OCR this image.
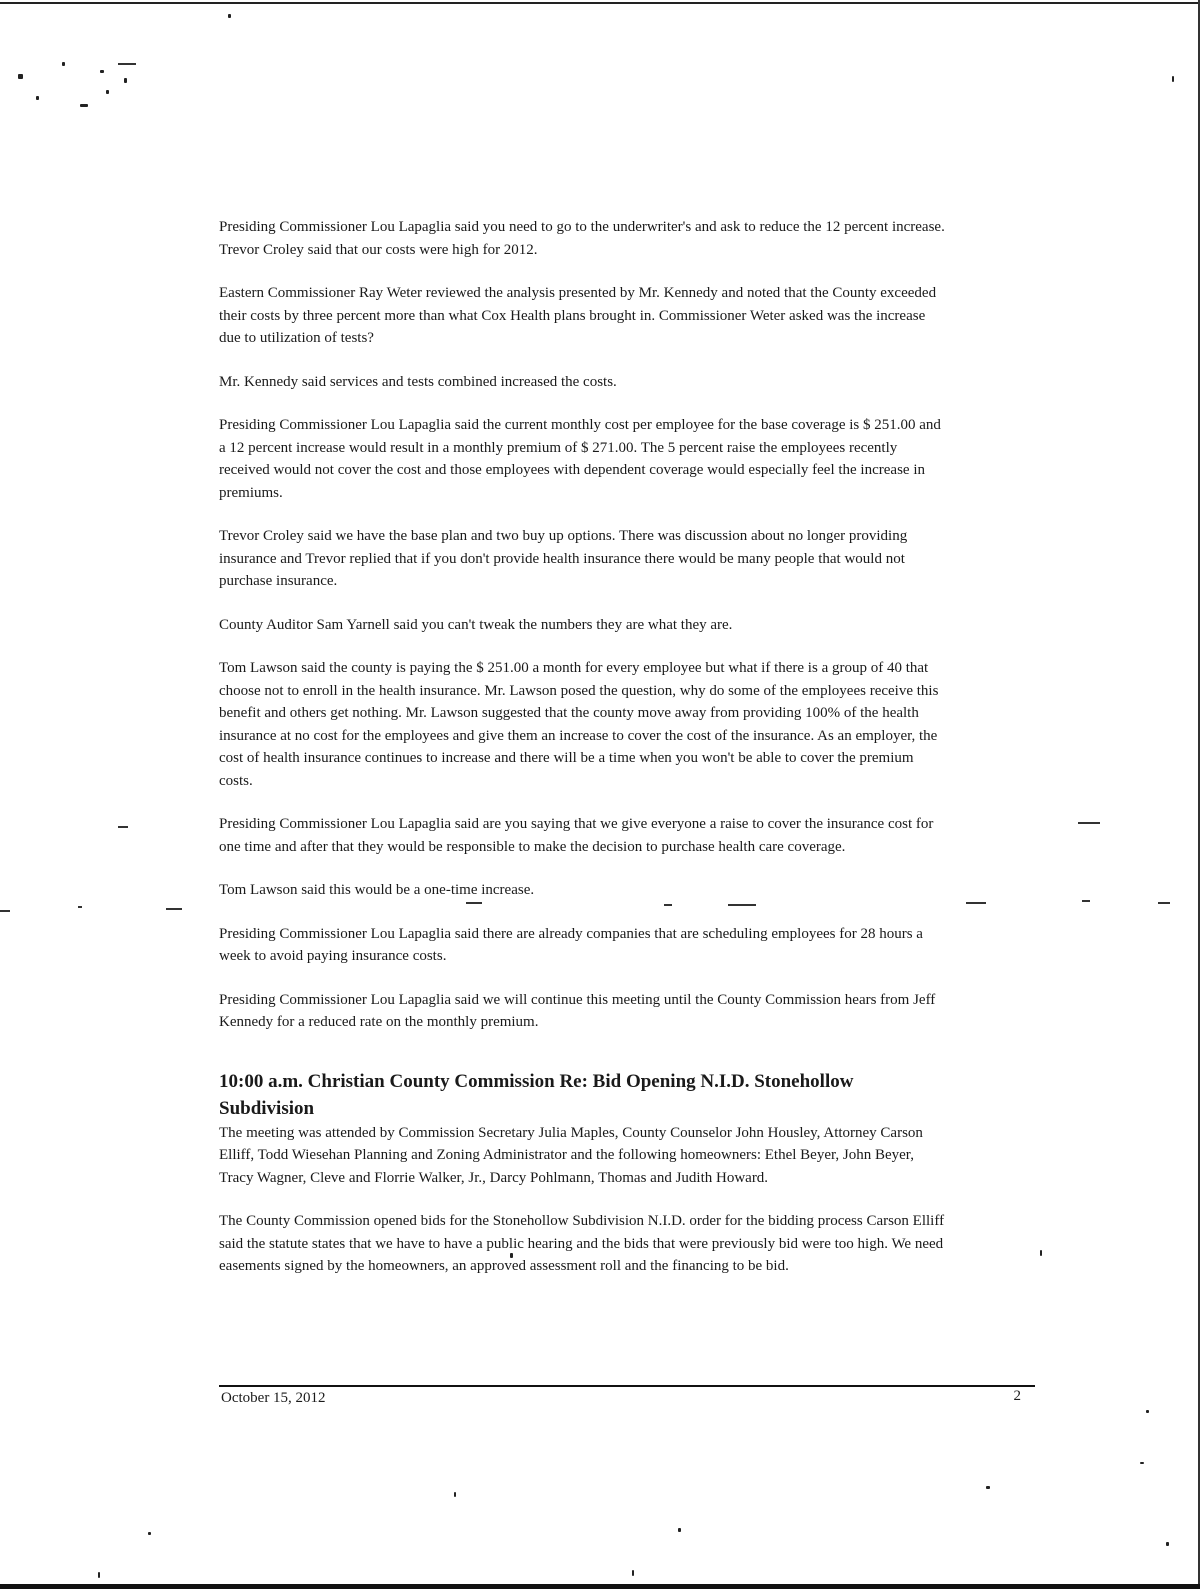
Presiding Commissioner Lou Lapaglia said you need to go to the underwriter's and ask to reduce the 12 percent increase.

Trevor Croley said that our costs were high for 2012.

Eastern Commissioner Ray Weter reviewed the analysis presented by Mr. Kennedy and noted that the County exceeded their costs by three percent more than what Cox Health plans brought in. Commissioner Weter asked was the increase due to utilization of tests?

Mr. Kennedy said services and tests combined increased the costs.

Presiding Commissioner Lou Lapaglia said the current monthly cost per employee for the base coverage is $ 251.00 and a 12 percent increase would result in a monthly premium of $ 271.00. The 5 percent raise the employees recently received would not cover the cost and those employees with dependent coverage would especially feel the increase in premiums.

Trevor Croley said we have the base plan and two buy up options. There was discussion about no longer providing insurance and Trevor replied that if you don't provide health insurance there would be many people that would not purchase insurance.

County Auditor Sam Yarnell said you can't tweak the numbers they are what they are.

Tom Lawson said the county is paying the $ 251.00 a month for every employee but what if there is a group of 40 that choose not to enroll in the health insurance. Mr. Lawson posed the question, why do some of the employees receive this benefit and others get nothing. Mr. Lawson suggested that the county move away from providing 100% of the health insurance at no cost for the employees and give them an increase to cover the cost of the insurance. As an employer, the cost of health insurance continues to increase and there will be a time when you won't be able to cover the premium costs.

Presiding Commissioner Lou Lapaglia said are you saying that we give everyone a raise to cover the insurance cost for one time and after that they would be responsible to make the decision to purchase health care coverage.

Tom Lawson said this would be a one-time increase.

Presiding Commissioner Lou Lapaglia said there are already companies that are scheduling employees for 28 hours a week to avoid paying insurance costs.

Presiding Commissioner Lou Lapaglia said we will continue this meeting until the County Commission hears from Jeff Kennedy for a reduced rate on the monthly premium.

10:00 a.m. Christian County Commission Re: Bid Opening N.I.D. Stonehollow Subdivision

The meeting was attended by Commission Secretary Julia Maples, County Counselor John Housley, Attorney Carson Elliff, Todd Wiesehan Planning and Zoning Administrator and the following homeowners: Ethel Beyer, John Beyer, Tracy Wagner, Cleve and Florrie Walker, Jr., Darcy Pohlmann, Thomas and Judith Howard.

The County Commission opened bids for the Stonehollow Subdivision N.I.D. order for the bidding process Carson Elliff said the statute states that we have to have a public hearing and the bids that were previously bid were too high. We need easements signed by the homeowners, an approved assessment roll and the financing to be bid.

October 15, 2012	2
